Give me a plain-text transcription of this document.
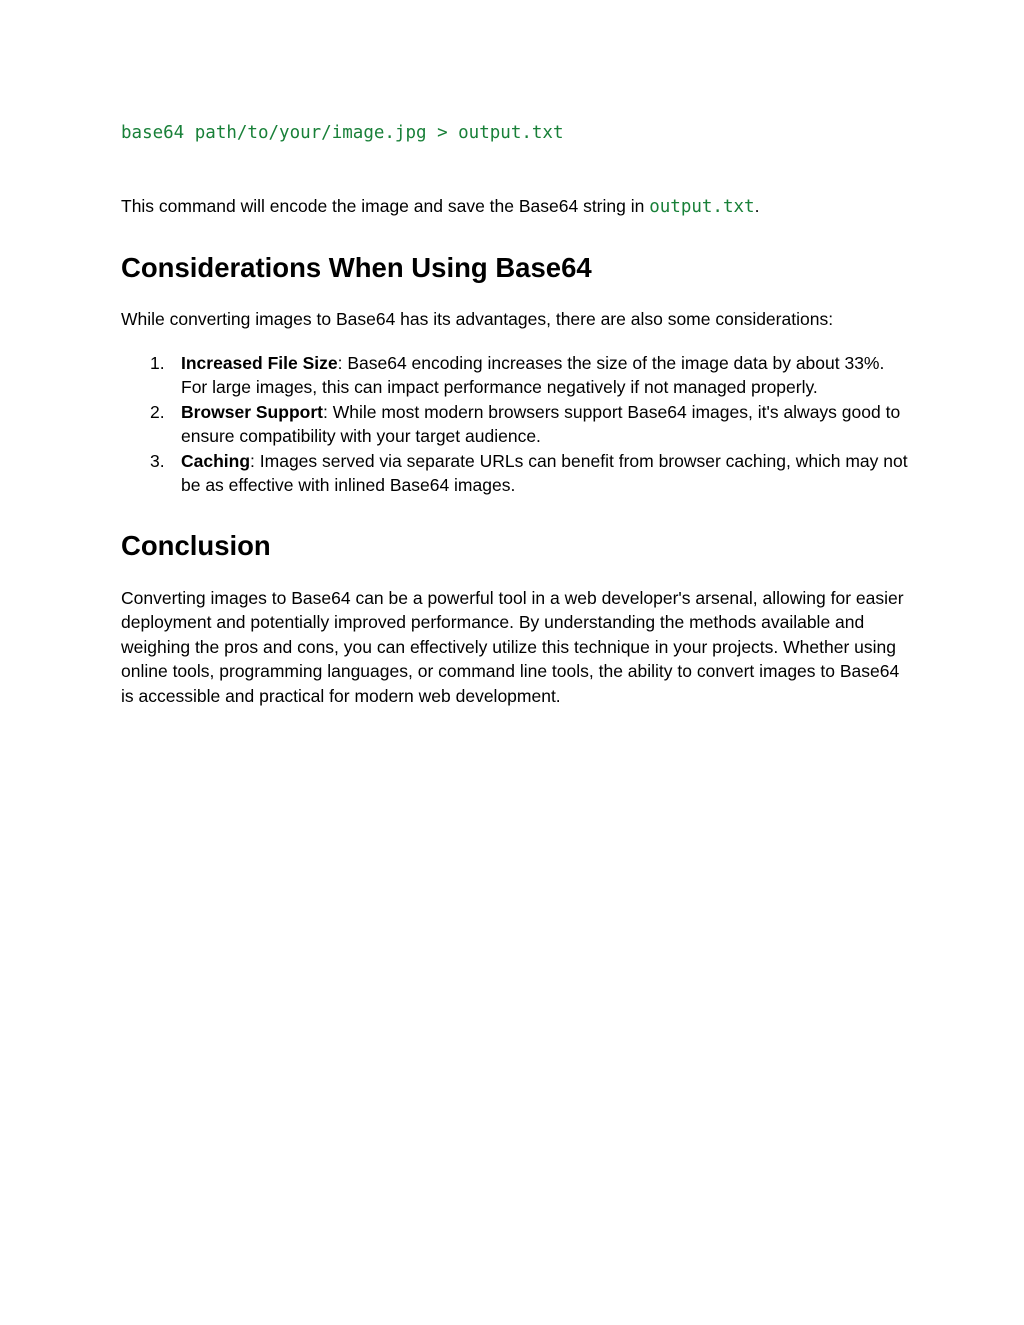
base64 path/to/your/image.jpg > output.txt

This command will encode the image and save the Base64 string in output.txt.

Considerations When Using Base64

While converting images to Base64 has its advantages, there are also some considerations:

1. Increased File Size: Base64 encoding increases the size of the image data by about 33%. For large images, this can impact performance negatively if not managed properly.
2. Browser Support: While most modern browsers support Base64 images, it's always good to ensure compatibility with your target audience.
3. Caching: Images served via separate URLs can benefit from browser caching, which may not be as effective with inlined Base64 images.
Conclusion

Converting images to Base64 can be a powerful tool in a web developer's arsenal, allowing for easier deployment and potentially improved performance. By understanding the methods available and weighing the pros and cons, you can effectively utilize this technique in your projects. Whether using online tools, programming languages, or command line tools, the ability to convert images to Base64 is accessible and practical for modern web development.
